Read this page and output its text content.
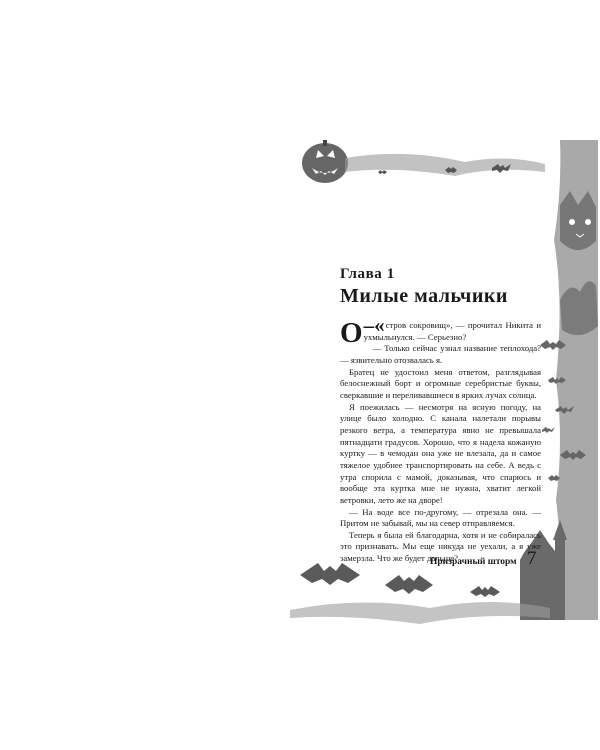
Глава 1

Милые мальчики

–«
О	стров сокровищ», — прочитал Никита и ухмыльнулся. — Серьезно?

— Только сейчас узнал название теплохода? — язвительно отозвалась я.

Братец не удостоил меня ответом, разглядывая белоснежный борт и огромные серебристые буквы, сверкавшие и переливавшиеся в ярких лучах солнца.

Я поежилась — несмотря на ясную погоду, на улице было холодно. С канала налетали порывы резкого ветра, а температура явно не превышала пятнадцати градусов. Хорошо, что я надела кожаную куртку — в чемодан она уже не влезала, да и самое тяжелое удобнее транспортировать на себе. А ведь с утра спорила с мамой, доказывая, что спарюсь и вообще эта куртка мне не нужна, хватит легкой ветровки, лето же на дворе!

— На воде все по-другому, — отрезала она. — Притом не забывай, мы на север отправляемся.

Теперь я была ей благодарна, хотя и не собиралась это признавать. Мы еще никуда не уехали, а я уже замерзла. Что же будет дальше?

Призрачный шторм 7
